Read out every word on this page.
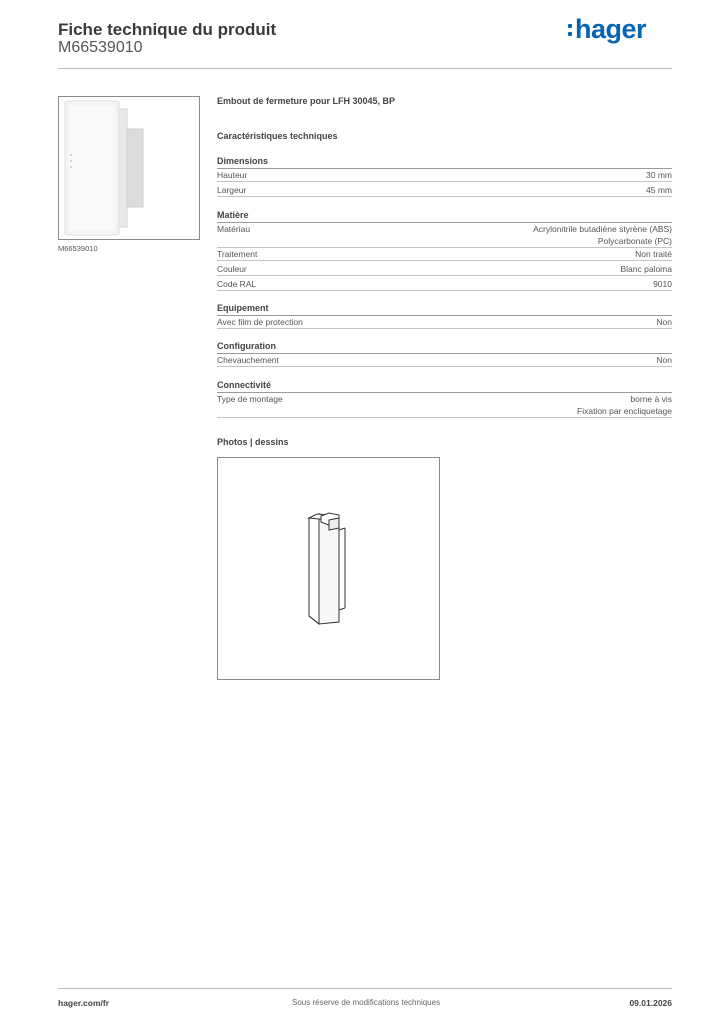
Fiche technique du produit
M66539010
hager
M66539010
Embout de fermeture pour LFH 30045, BP
Caractéristiques techniques
Dimensions
Hauteur	30 mm
Largeur	45 mm
Matière
Matériau	Acrylonitrile butadiène styrène (ABS)
Polycarbonate (PC)
Traitement	Non traité
Couleur	Blanc paloma
Code RAL	9010
Equipement
Avec film de protection	Non
Configuration
Chevauchement	Non
Connectivité
Type de montage	borne à vis
Fixation par encliquetage
Photos | dessins
hager.com/fr	Sous réserve de modifications techniques	09.01.2026
